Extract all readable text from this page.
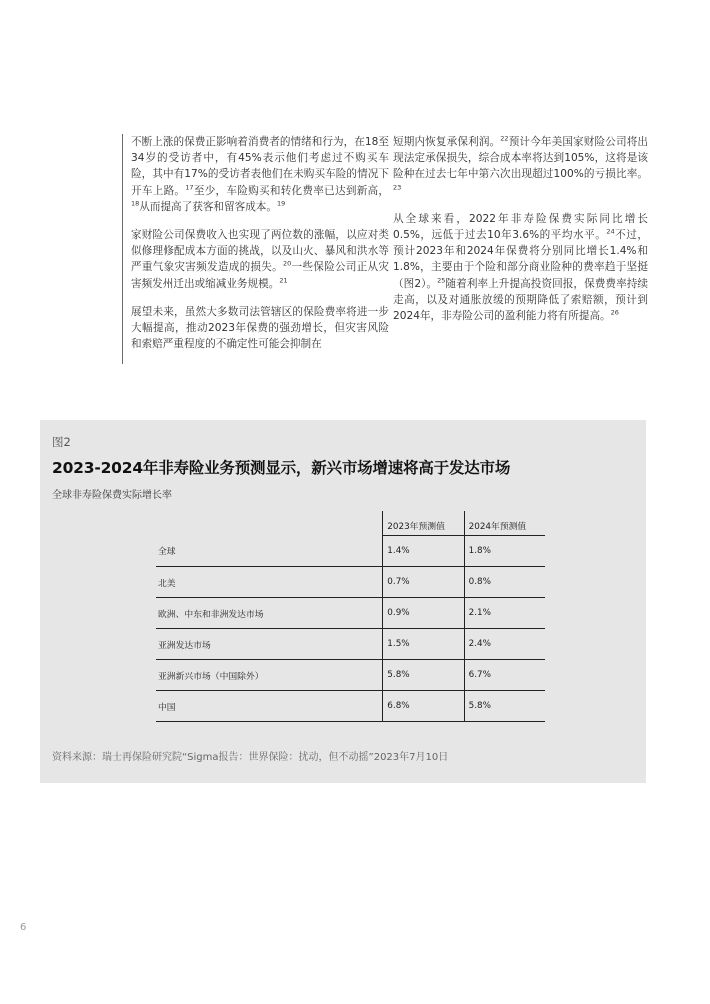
不断上涨的保费正影响着消费者的情绪和行为，在18至34岁的受访者中，有45%表示他们考虑过不购买车险，其中有17%的受访者表他们在未购买车险的情况下开车上路。$^{17}$至少，车险购买和转化费率已达到新高，$^{18}$从而提高了获客和留客成本。$^{19}$

家财险公司保费收入也实现了两位数的涨幅，以应对类似修理修配成本方面的挑战，以及山火、暴风和洪水等严重气象灾害频发造成的损失。$^{20}$一些保险公司正从灾害频发州迁出或缩减业务规模。$^{21}$

展望未来，虽然大多数司法管辖区的保险费率将进一步大幅提高，推动2023年保费的强劲增长，但灾害风险和索赔严重程度的不确定性可能会抑制在

短期内恢复承保利润。$^{22}$预计今年美国家财险公司将出现法定承保损失，综合成本率将达到105%，这将是该险种在过去七年中第六次出现超过100%的亏损比率。$^{23}$

从全球来看，2022年非寿险保费实际同比增长0.5%，远低于过去10年3.6%的平均水平。$^{24}$不过，预计2023年和2024年保费将分别同比增长1.4%和1.8%，主要由于个险和部分商业险种的费率趋于坚挺（图2）。$^{25}$随着利率上升提高投资回报，保费费率持续走高，以及对通胀放缓的预期降低了索赔额，预计到2024年，非寿险公司的盈利能力将有所提高。$^{26}$

图2
2023-2024年非寿险业务预测显示，新兴市场增速将高于发达市场
全球非寿险保费实际增长率
	2023年预测值	2024年预测值
全球	1.4%	1.8%
北美	0.7%	0.8%
欧洲、中东和非洲发达市场	0.9%	2.1%
亚洲发达市场	1.5%	2.4%
亚洲新兴市场（中国除外）	5.8%	6.7%
中国	6.8%	5.8%
资料来源：瑞士再保险研究院“Sigma报告：世界保险：扰动，但不动摇”2023年7月10日
6
